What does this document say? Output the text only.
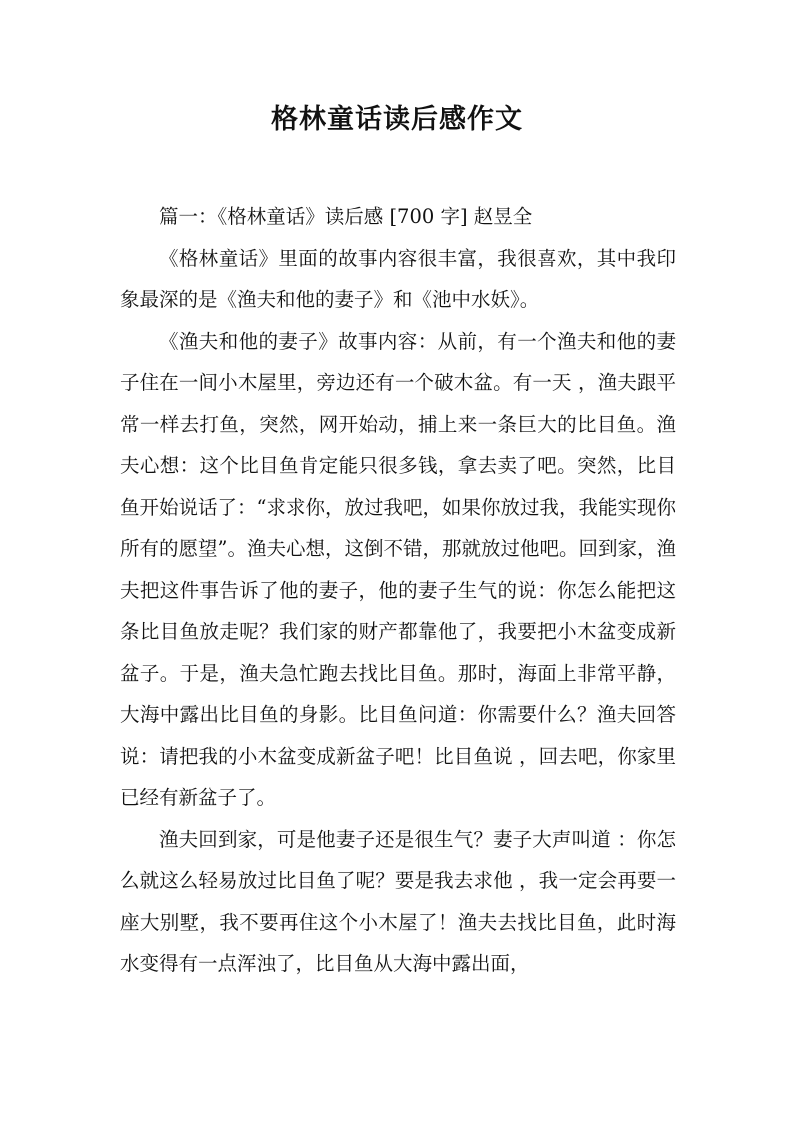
格林童话读后感作文

篇一：《格林童话》读后感 [700 字] 赵昱全

《格林童话》里面的故事内容很丰富，我很喜欢，其中我印象最深的是《渔夫和他的妻子》和《池中水妖》。

《渔夫和他的妻子》故事内容：从前，有一个渔夫和他的妻子住在一间小木屋里，旁边还有一个破木盆。有一天 ，渔夫跟平常一样去打鱼，突然，网开始动，捕上来一条巨大的比目鱼。渔夫心想：这个比目鱼肯定能只很多钱，拿去卖了吧。突然，比目鱼开始说话了：“求求你，放过我吧，如果你放过我，我能实现你所有的愿望”。渔夫心想，这倒不错，那就放过他吧。回到家，渔夫把这件事告诉了他的妻子，他的妻子生气的说：你怎么能把这条比目鱼放走呢？我们家的财产都靠他了，我要把小木盆变成新盆子。于是，渔夫急忙跑去找比目鱼。那时，海面上非常平静，大海中露出比目鱼的身影。比目鱼问道：你需要什么？渔夫回答说：请把我的小木盆变成新盆子吧！比目鱼说 ，回去吧，你家里已经有新盆子了。

渔夫回到家，可是他妻子还是很生气？妻子大声叫道 ：你怎么就这么轻易放过比目鱼了呢？要是我去求他 ，我一定会再要一座大别墅，我不要再住这个小木屋了！渔夫去找比目鱼，此时海水变得有一点浑浊了，比目鱼从大海中露出面，
